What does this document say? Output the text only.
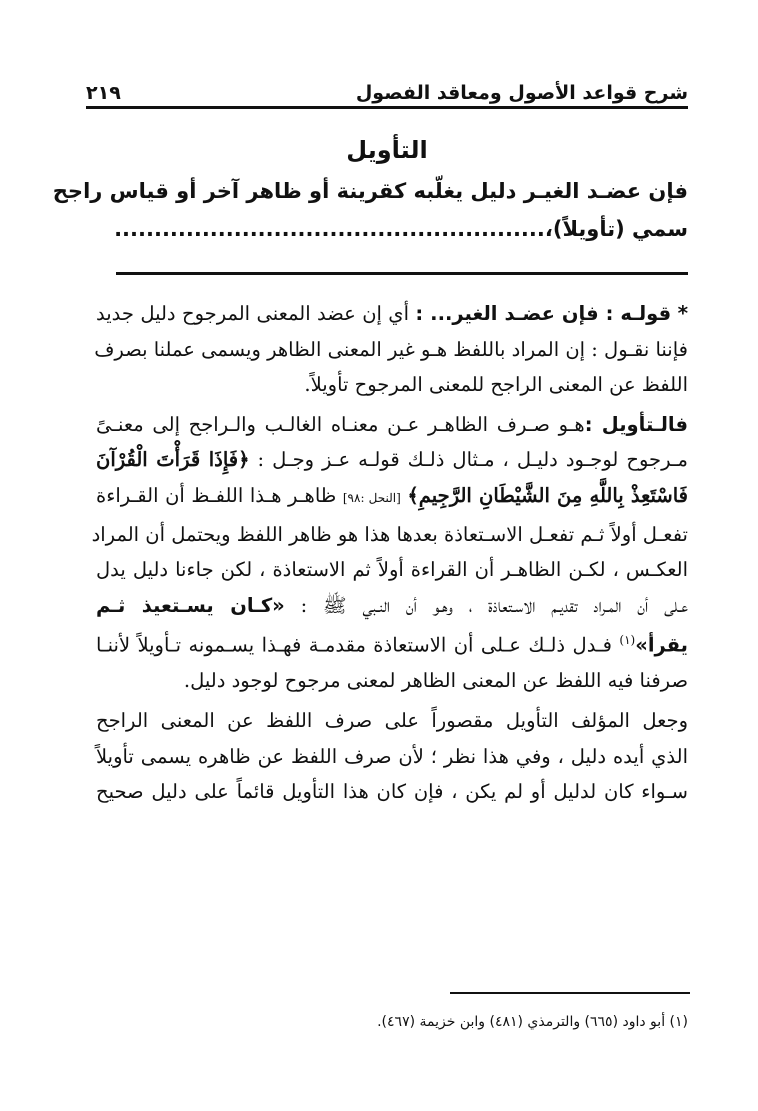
شرح قواعد الأصول ومعاقد الفصول
٢١٩
التأويل
فإن عضـد الغيـر دليل يغلّبه كقرينة أو ظاهر آخر أو قياس راجح
سمي (تأويلاً)،......................................................
* قولـه : فإن عضـد الغير... : أي إن عضد المعنى المرجوح دليل جديد
فإننا نقـول : إن المراد باللفظ هـو غير المعنى الظاهر ويسمى عملنا بصرف
اللفظ عن المعنى الراجح للمعنى المرجوح تأويلاً.
فالـتأويل :هـو صـرف الظاهـر عـن معنـاه الغالـب والـراجح إلى معنـىً
مـرجوح لوجـود دليـل ، مـثال ذلـك قولـه عـز وجـل : ﴿فَإِذَا قَرَأْتَ الْقُرْآنَ
فَاسْتَعِذْ بِاللَّهِ مِنَ الشَّيْطَانِ الرَّجِيمِ﴾ [النحل :٩٨] ظاهـر هـذا اللفـظ أن القـراءة
تفعـل أولاً ثـم تفعـل الاسـتعاذة بعدها هذا هو ظاهر اللفظ ويحتمل أن المراد
العكـس ، لكـن الظاهـر أن القراءة أولاً ثم الاستعاذة ، لكن جاءنا دليل يدل
عـلى أن المـراد تقديـم الاسـتعاذة ، وهـو أن النـبي ﷺ : «كـان يسـتعيذ ثـم
يقرأ»$^{(١)}$ فـدل ذلـك عـلى أن الاستعاذة مقدمـة فهـذا يسـمونه تـأويلاً لأننـا
صرفنا فيه اللفظ عن المعنى الظاهر لمعنى مرجوح لوجود دليل.
وجعل المؤلف التأويل مقصوراً على صرف اللفظ عن المعنى الراجح
الذي أيده دليل ، وفي هذا نظر ؛ لأن صرف اللفظ عن ظاهره يسمى تأويلاً
سـواء كان لدليل أو لم يكن ، فإن كان هذا التأويل قائماً على دليل صحيح
(١) أبو داود (٦٦٥) والترمذي (٤٨١) وابن خزيمة (٤٦٧).
